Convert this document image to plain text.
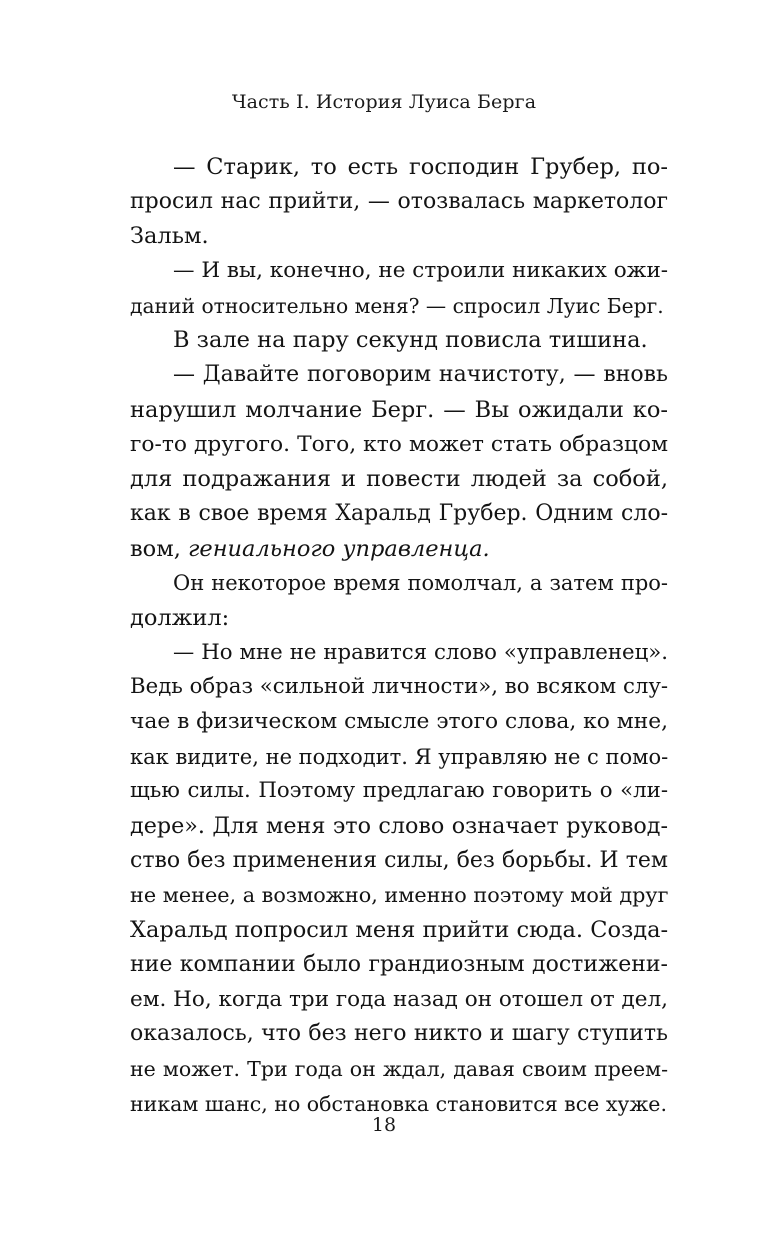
Часть I. История Луиса Берга
— Старик, то есть господин Грубер, по-
просил нас прийти, — отозвалась маркетолог
Зальм.
— И вы, конечно, не строили никаких ожи-
даний относительно меня? — спросил Луис Берг.
В зале на пару секунд повисла тишина.
— Давайте поговорим начистоту, — вновь
нарушил молчание Берг. — Вы ожидали ко-
го-то другого. Того, кто может стать образцом
для подражания и повести людей за собой,
как в свое время Харальд Грубер. Одним сло-
вом, гениального управленца.
Он некоторое время помолчал, а затем про-
должил:
— Но мне не нравится слово «управленец».
Ведь образ «сильной личности», во всяком слу-
чае в физическом смысле этого слова, ко мне,
как видите, не подходит. Я управляю не с помо-
щью силы. Поэтому предлагаю говорить о «ли-
дере». Для меня это слово означает руковод-
ство без применения силы, без борьбы. И тем
не менее, а возможно, именно поэтому мой друг
Харальд попросил меня прийти сюда. Созда-
ние компании было грандиозным достижени-
ем. Но, когда три года назад он отошел от дел,
оказалось, что без него никто и шагу ступить
не может. Три года он ждал, давая своим преем-
никам шанс, но обстановка становится все хуже.
18
